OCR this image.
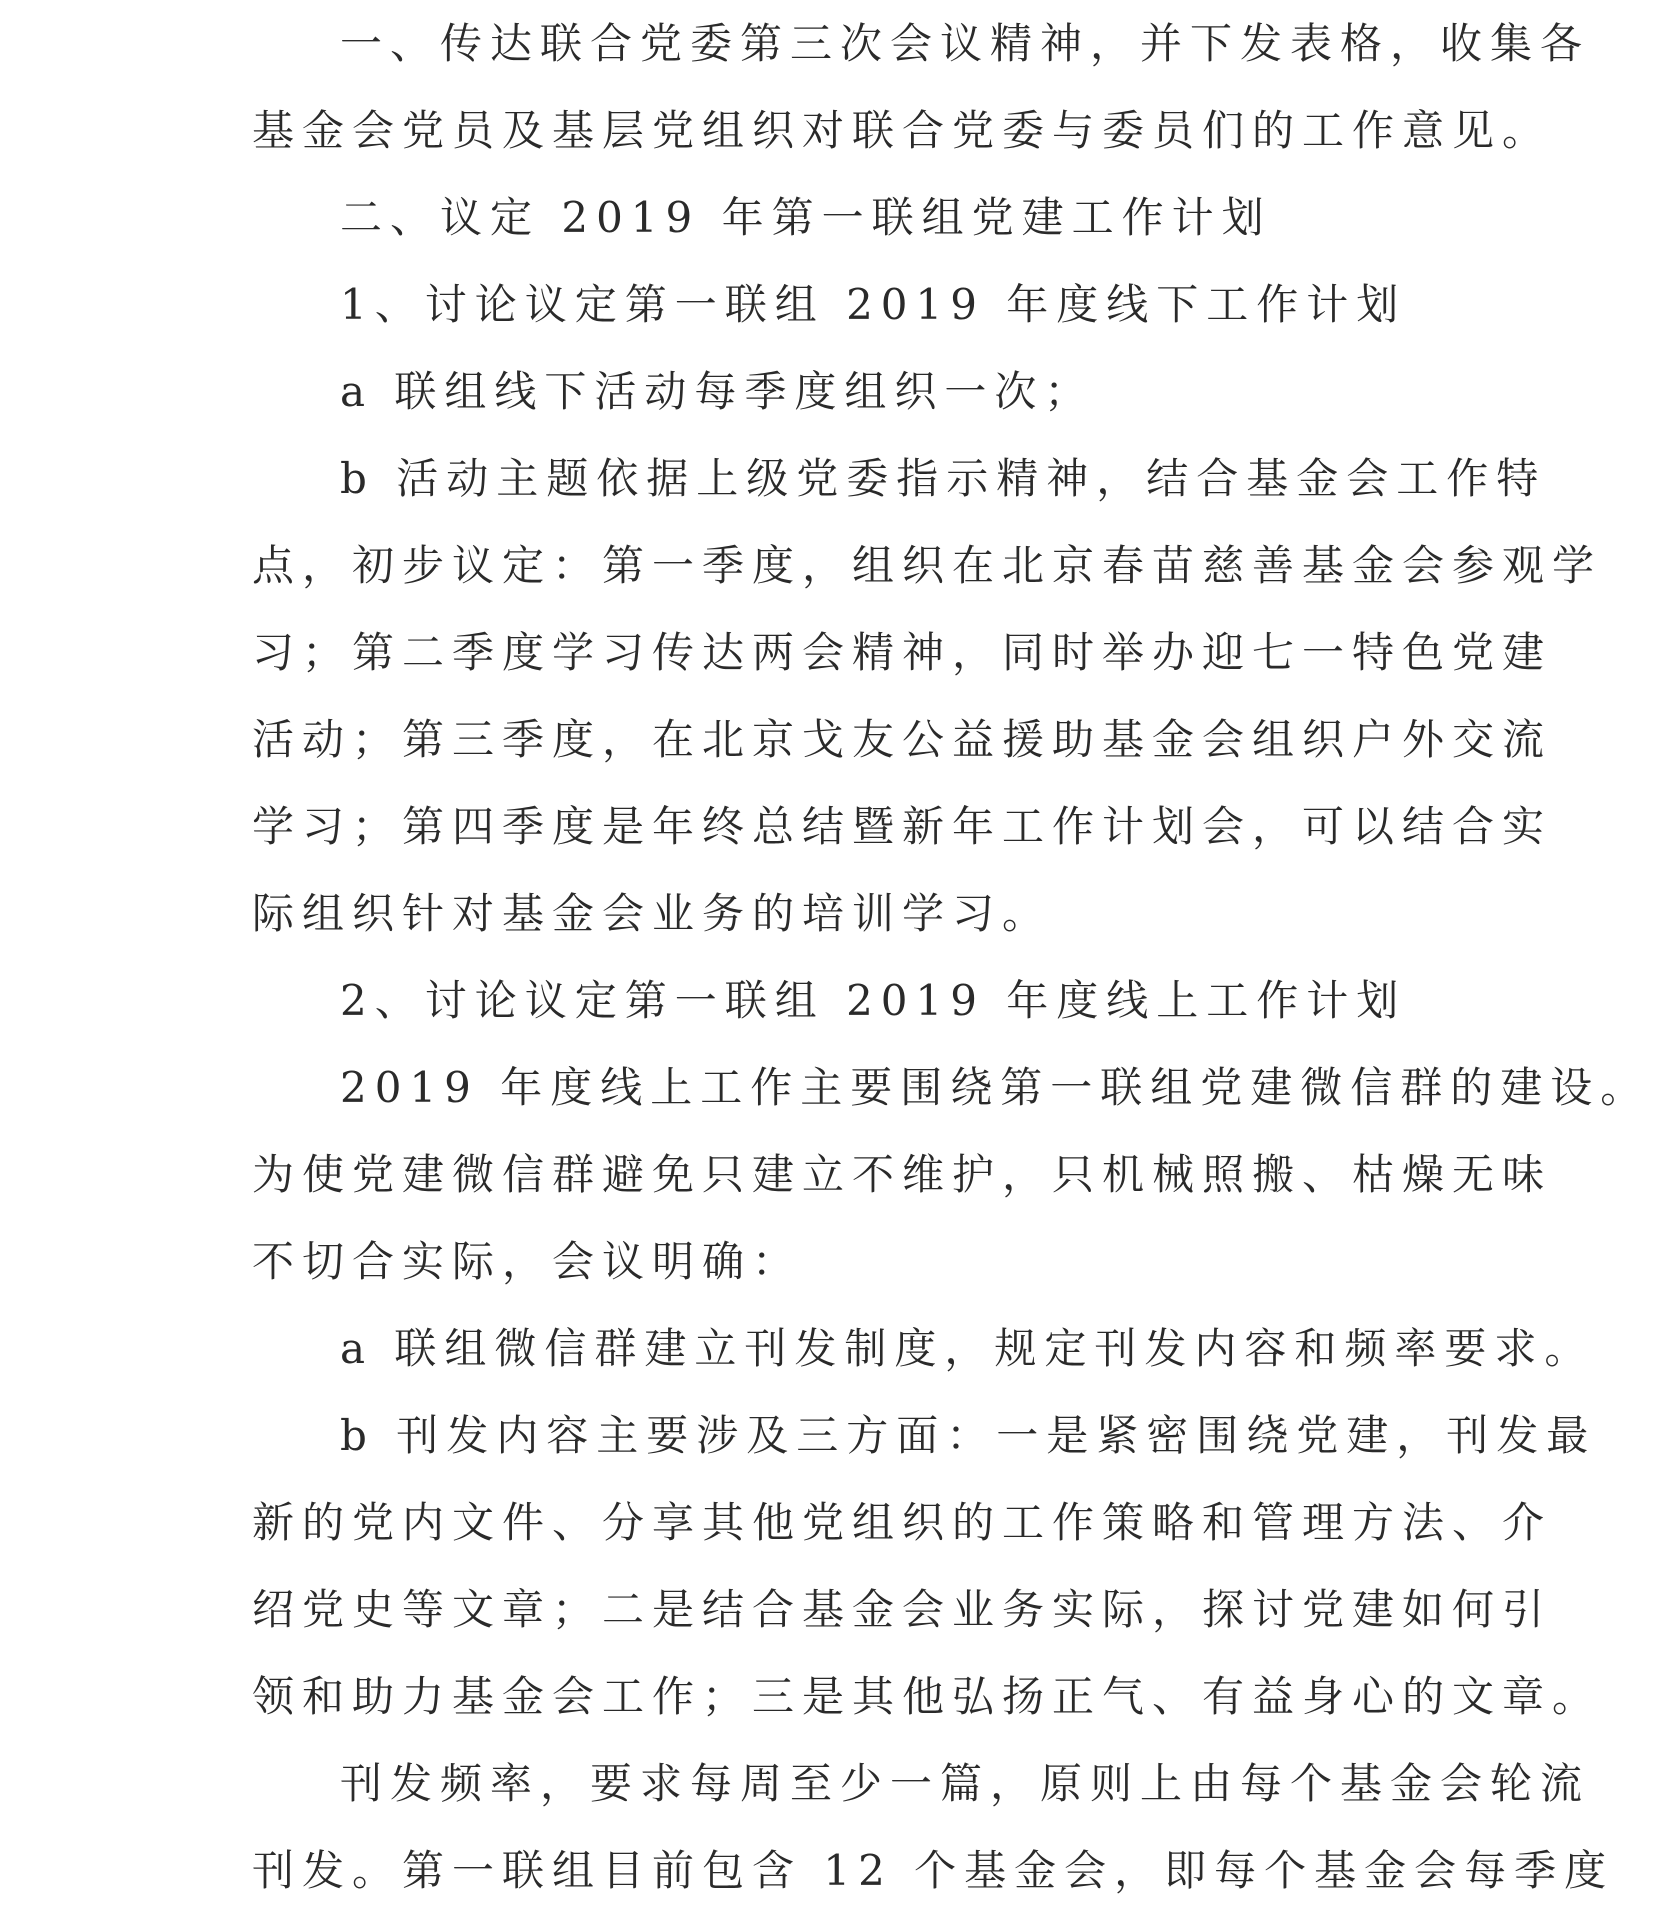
一、传达联合党委第三次会议精神，并下发表格，收集各

基金会党员及基层党组织对联合党委与委员们的工作意见。

二、议定 2019 年第一联组党建工作计划

1、讨论议定第一联组 2019 年度线下工作计划

a 联组线下活动每季度组织一次；

b 活动主题依据上级党委指示精神，结合基金会工作特

点，初步议定：第一季度，组织在北京春苗慈善基金会参观学

习；第二季度学习传达两会精神，同时举办迎七一特色党建

活动；第三季度，在北京戈友公益援助基金会组织户外交流

学习；第四季度是年终总结暨新年工作计划会，可以结合实

际组织针对基金会业务的培训学习。

2、讨论议定第一联组 2019 年度线上工作计划

2019 年度线上工作主要围绕第一联组党建微信群的建设。

为使党建微信群避免只建立不维护，只机械照搬、枯燥无味

不切合实际，会议明确：

a 联组微信群建立刊发制度，规定刊发内容和频率要求。

b 刊发内容主要涉及三方面：一是紧密围绕党建，刊发最

新的党内文件、分享其他党组织的工作策略和管理方法、介

绍党史等文章；二是结合基金会业务实际，探讨党建如何引

领和助力基金会工作；三是其他弘扬正气、有益身心的文章。

刊发频率，要求每周至少一篇，原则上由每个基金会轮流

刊发。第一联组目前包含 12 个基金会，即每个基金会每季度
